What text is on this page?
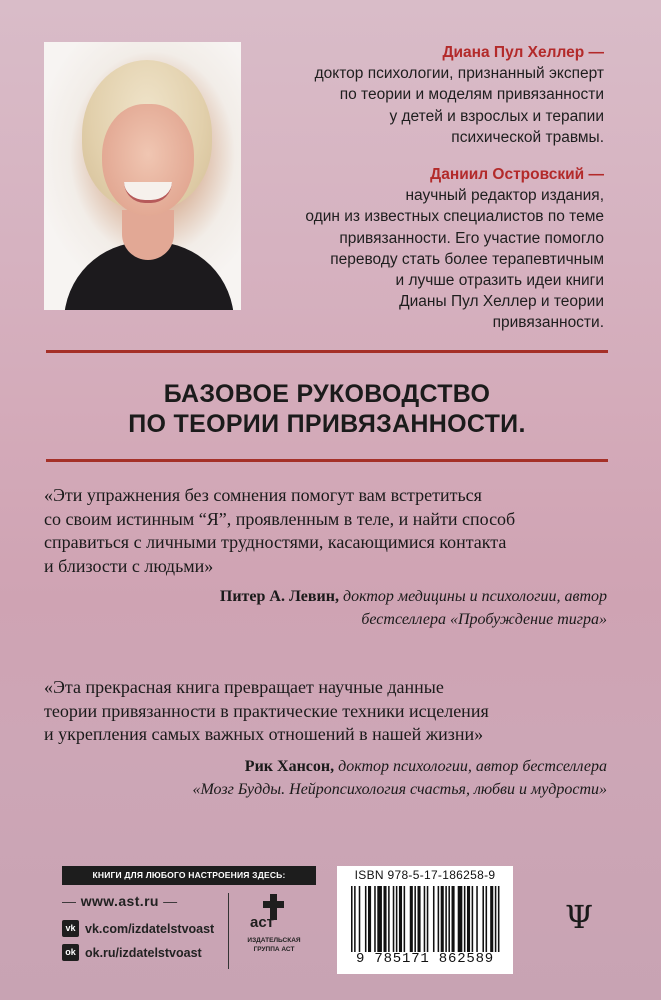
Диана Пул Хеллер —
доктор психологии, признанный эксперт
по теории и моделям привязанности
у детей и взрослых и терапии
психической травмы.
Даниил Островский —
научный редактор издания,
один из известных специалистов по теме
привязанности. Его участие помогло
переводу стать более терапевтичным
и лучше отразить идеи книги
Дианы Пул Хеллер и теории
привязанности.
БАЗОВОЕ РУКОВОДСТВО
ПО ТЕОРИИ ПРИВЯЗАННОСТИ.
«Эти упражнения без сомнения помогут вам встретиться
со своим истинным “Я”, проявленным в теле, и найти способ
справиться с личными трудностями, касающимися контакта
и близости с людьми»
Питер А. Левин, доктор медицины и психологии, автор
бестселлера «Пробуждение тигра»
«Эта прекрасная книга превращает научные данные
теории привязанности в практические техники исцеления
и укрепления самых важных отношений в нашей жизни»
Рик Хансон, доктор психологии, автор бестселлера
«Мозг Будды. Нейропсихология счастья, любви и мудрости»
КНИГИ ДЛЯ ЛЮБОГО НАСТРОЕНИЯ ЗДЕСЬ:
— www.ast.ru —
vk vk.com/izdatelstvoast
ok ok.ru/izdatelstvoast
аст
ИЗДАТЕЛЬСКАЯ
ГРУППА АСТ
ISBN 978-5-17-186258-9
9 785171 862589
Ψ
